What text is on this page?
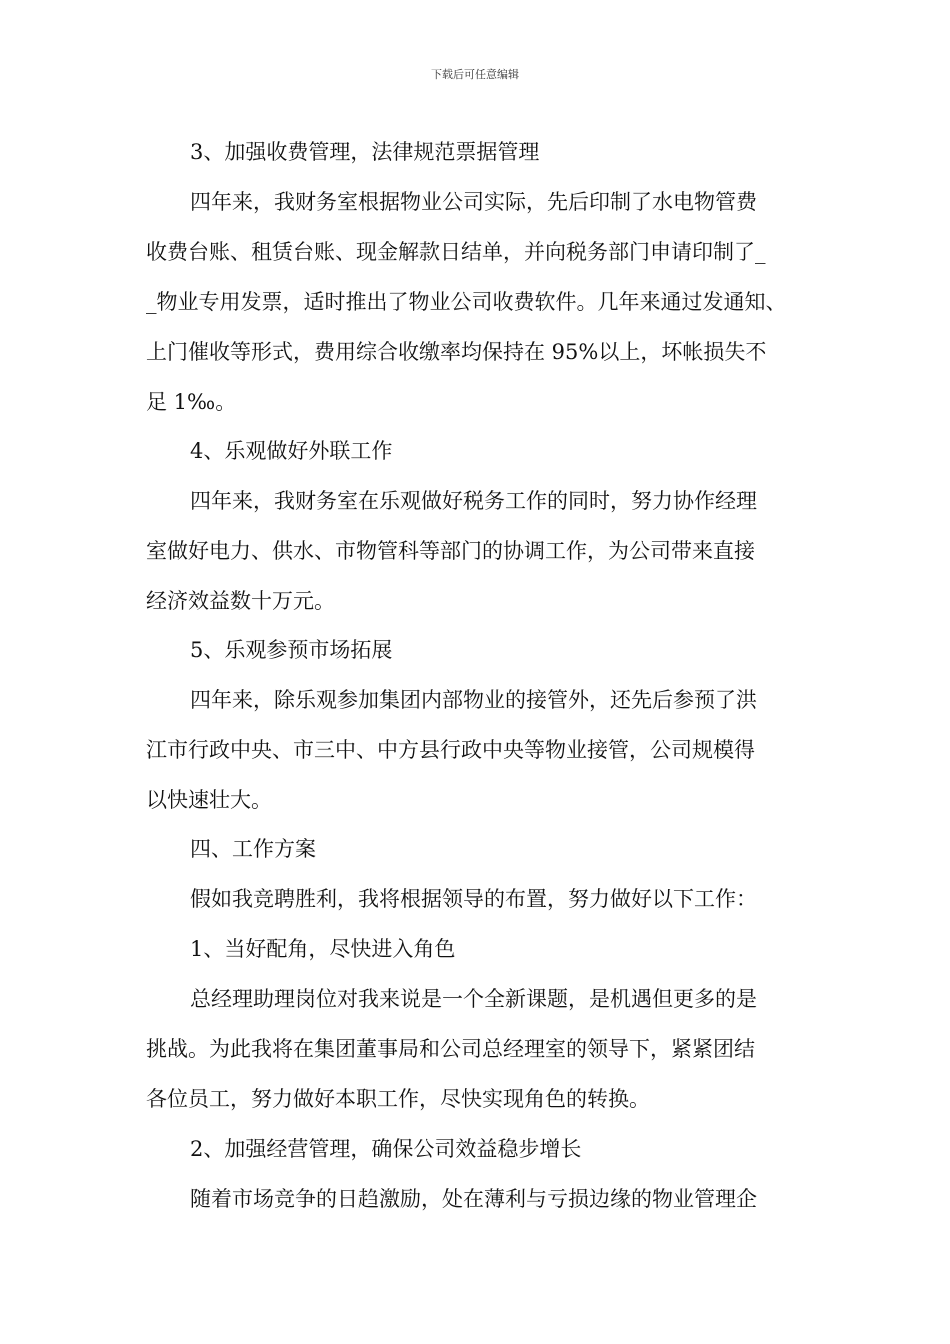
下载后可任意编辑
3、加强收费管理，法律规范票据管理
四年来，我财务室根据物业公司实际，先后印制了水电物管费
收费台账、租赁台账、现金解款日结单，并向税务部门申请印制了_
_物业专用发票，适时推出了物业公司收费软件。几年来通过发通知、
上门催收等形式，费用综合收缴率均保持在 95%以上，坏帐损失不
足 1‰。
4、乐观做好外联工作
四年来，我财务室在乐观做好税务工作的同时，努力协作经理
室做好电力、供水、市物管科等部门的协调工作，为公司带来直接
经济效益数十万元。
5、乐观参预市场拓展
四年来，除乐观参加集团内部物业的接管外，还先后参预了洪
江市行政中央、市三中、中方县行政中央等物业接管，公司规模得
以快速壮大。
四、工作方案
假如我竞聘胜利，我将根据领导的布置，努力做好以下工作：
1、当好配角，尽快进入角色
总经理助理岗位对我来说是一个全新课题，是机遇但更多的是
挑战。为此我将在集团董事局和公司总经理室的领导下，紧紧团结
各位员工，努力做好本职工作，尽快实现角色的转换。
2、加强经营管理，确保公司效益稳步增长
随着市场竞争的日趋激励，处在薄利与亏损边缘的物业管理企
